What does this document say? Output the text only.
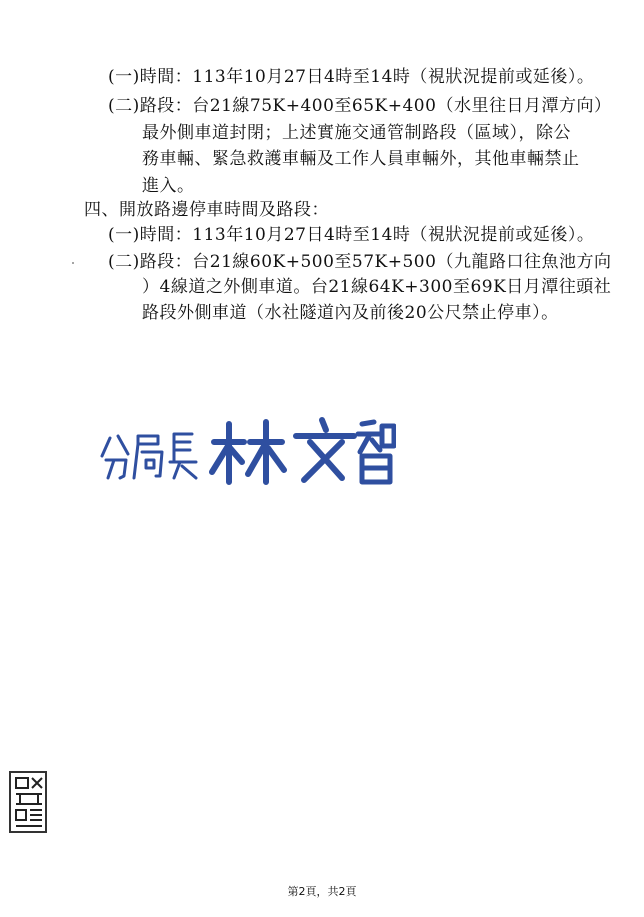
(一)時間：113年10月27日4時至14時（視狀況提前或延後）。
(二)路段：台21線75K+400至65K+400（水里往日月潭方向）
最外側車道封閉；上述實施交通管制路段（區域），除公
務車輛、緊急救護車輛及工作人員車輛外，其他車輛禁止
進入。
四、開放路邊停車時間及路段：
(一)時間：113年10月27日4時至14時（視狀況提前或延後）。
(二)路段：台21線60K+500至57K+500（九龍路口往魚池方向
）4線道之外側車道。台21線64K+300至69K日月潭往頭社
路段外側車道（水社隧道內及前後20公尺禁止停車）。
第2頁，共2頁
